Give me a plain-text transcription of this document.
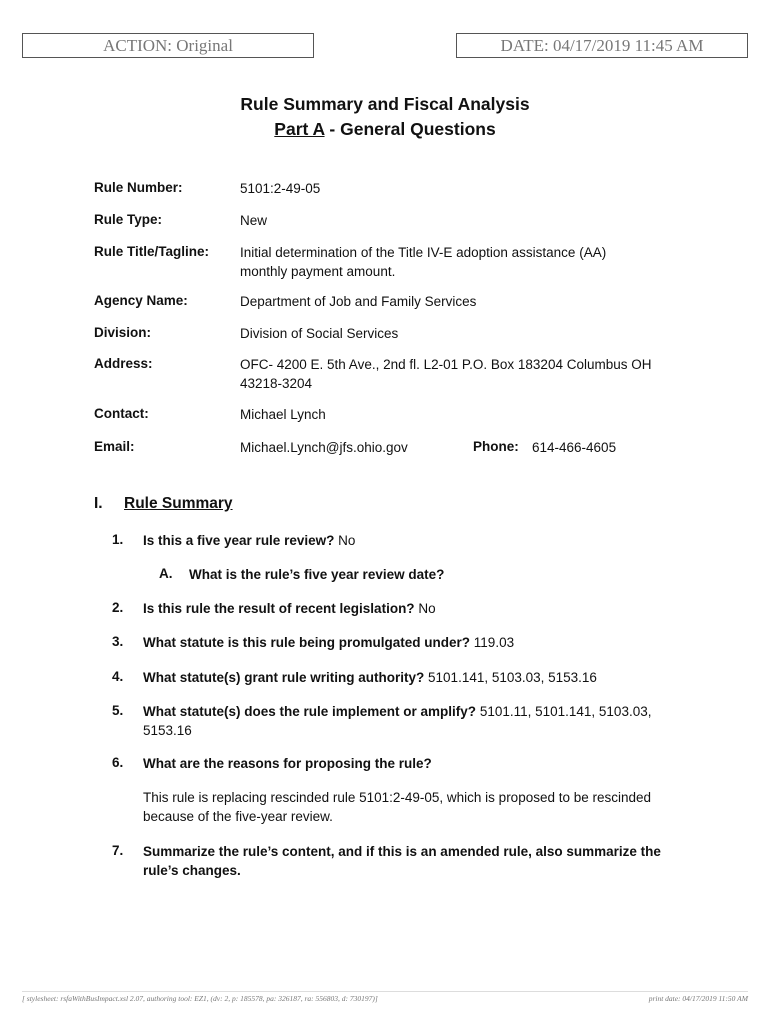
ACTION: Original	DATE: 04/17/2019 11:45 AM
Rule Summary and Fiscal Analysis
Part A - General Questions
Rule Number:	5101:2-49-05
Rule Type:	New
Rule Title/Tagline: Initial determination of the Title IV-E adoption assistance (AA) monthly payment amount.
Agency Name:	Department of Job and Family Services
Division:	Division of Social Services
Address:	OFC- 4200 E. 5th Ave., 2nd fl. L2-01 P.O. Box 183204 Columbus OH 43218-3204
Contact:	Michael Lynch
Email:	Michael.Lynch@jfs.ohio.gov	Phone: 614-466-4605
I. Rule Summary
1. Is this a five year rule review? No
A. What is the rule’s five year review date?
2. Is this rule the result of recent legislation? No
3. What statute is this rule being promulgated under? 119.03
4. What statute(s) grant rule writing authority? 5101.141, 5103.03, 5153.16
5. What statute(s) does the rule implement or amplify? 5101.11, 5101.141, 5103.03, 5153.16
6. What are the reasons for proposing the rule?
This rule is replacing rescinded rule 5101:2-49-05, which is proposed to be rescinded because of the five-year review.
7. Summarize the rule’s content, and if this is an amended rule, also summarize the rule’s changes.
[ stylesheet: rsfaWithBusImpact.xsl 2.07, authoring tool: EZ1, (dv: 2, p: 185578, pa: 326187, ra: 556803, d: 730197)]	print date: 04/17/2019 11:50 AM
